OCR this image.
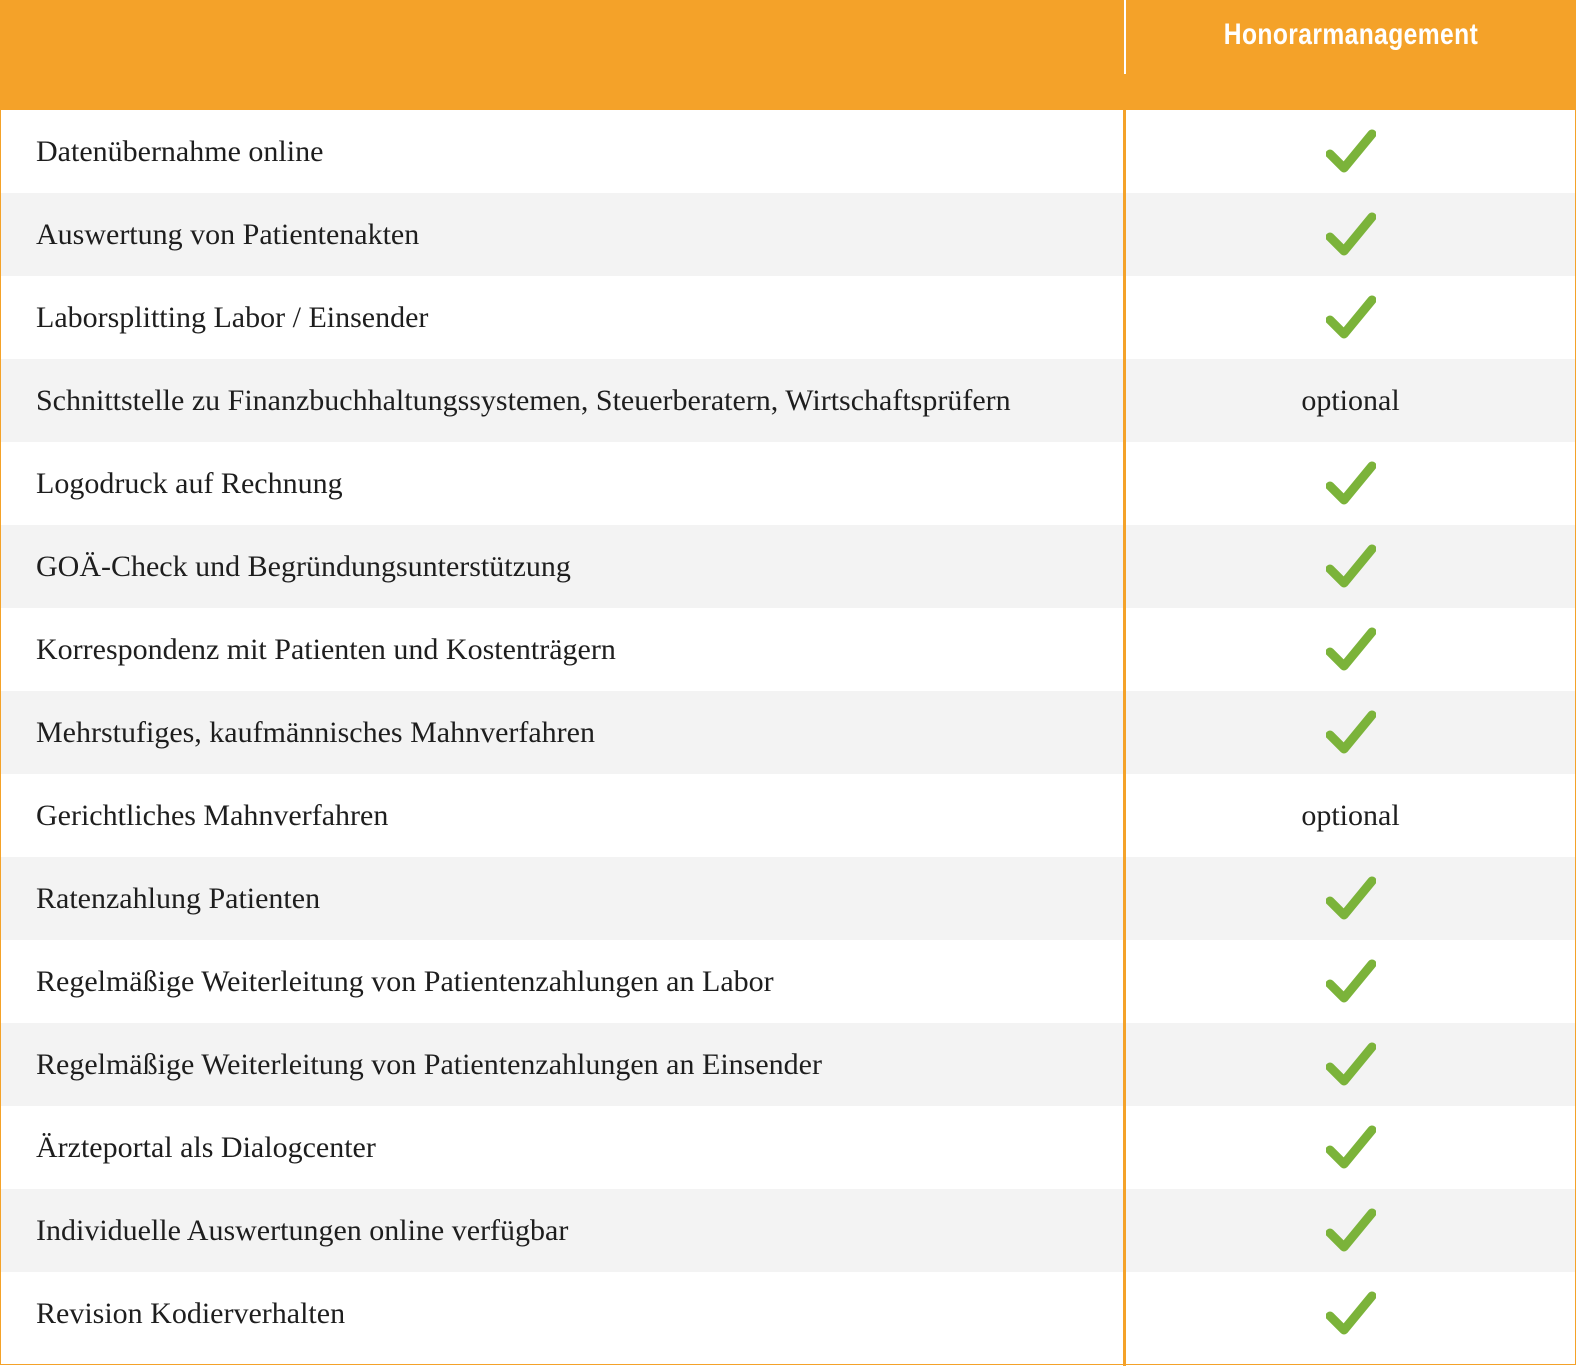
Honorarmanagement
Datenübernahme online
Auswertung von Patientenakten
Laborsplitting Labor / Einsender
Schnittstelle zu Finanzbuchhaltungssystemen, Steuerberatern, Wirtschaftsprüfern	optional
Logodruck auf Rechnung
GOÄ-Check und Begründungsunterstützung
Korrespondenz mit Patienten und Kostenträgern
Mehrstufiges, kaufmännisches Mahnverfahren
Gerichtliches Mahnverfahren	optional
Ratenzahlung Patienten
Regelmäßige Weiterleitung von Patientenzahlungen an Labor
Regelmäßige Weiterleitung von Patientenzahlungen an Einsender
Ärzteportal als Dialogcenter
Individuelle Auswertungen online verfügbar
Revision Kodierverhalten
